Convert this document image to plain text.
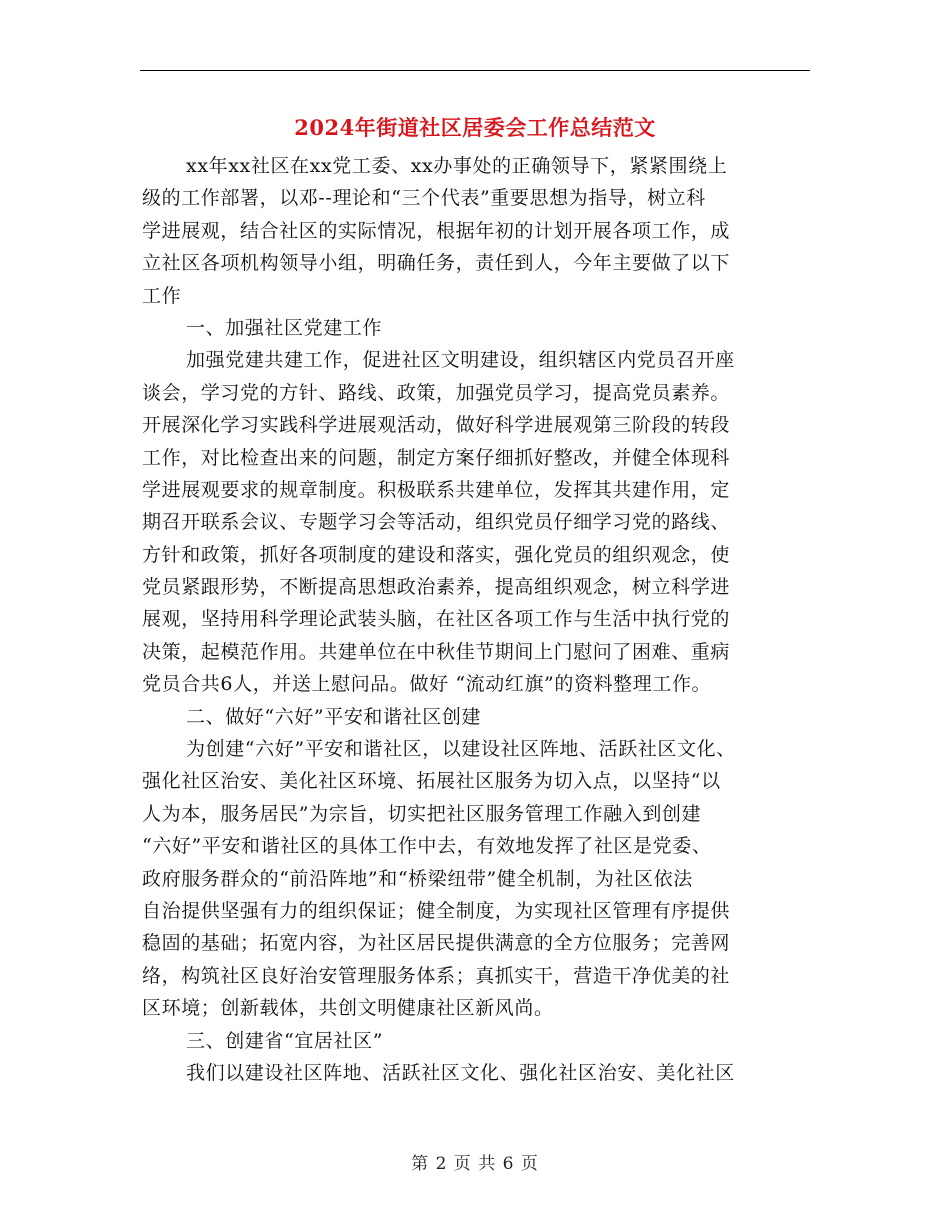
2024年街道社区居委会工作总结范文
xx年xx社区在xx党工委、xx办事处的正确领导下，紧紧围绕上
级的工作部署，以邓--理论和“三个代表”重要思想为指导，树立科
学进展观，结合社区的实际情况，根据年初的计划开展各项工作，成
立社区各项机构领导小组，明确任务，责任到人，今年主要做了以下
工作
一、加强社区党建工作
加强党建共建工作，促进社区文明建设，组织辖区内党员召开座
谈会，学习党的方针、路线、政策，加强党员学习，提高党员素养。
开展深化学习实践科学进展观活动，做好科学进展观第三阶段的转段
工作，对比检查出来的问题，制定方案仔细抓好整改，并健全体现科
学进展观要求的规章制度。积极联系共建单位，发挥其共建作用，定
期召开联系会议、专题学习会等活动，组织党员仔细学习党的路线、
方针和政策，抓好各项制度的建设和落实，强化党员的组织观念，使
党员紧跟形势，不断提高思想政治素养，提高组织观念，树立科学进
展观，坚持用科学理论武装头脑，在社区各项工作与生活中执行党的
决策，起模范作用。共建单位在中秋佳节期间上门慰问了困难、重病
党员合共6人，并送上慰问品。做好 “流动红旗”的资料整理工作。
二、做好“六好”平安和谐社区创建
为创建“六好”平安和谐社区，以建设社区阵地、活跃社区文化、
强化社区治安、美化社区环境、拓展社区服务为切入点，以坚持“以
人为本，服务居民”为宗旨，切实把社区服务管理工作融入到创建
“六好”平安和谐社区的具体工作中去，有效地发挥了社区是党委、
政府服务群众的“前沿阵地”和“桥梁纽带”健全机制，为社区依法
自治提供坚强有力的组织保证；健全制度，为实现社区管理有序提供
稳固的基础；拓宽内容，为社区居民提供满意的全方位服务；完善网
络，构筑社区良好治安管理服务体系；真抓实干，营造干净优美的社
区环境；创新载体，共创文明健康社区新风尚。
三、创建省“宜居社区”
我们以建设社区阵地、活跃社区文化、强化社区治安、美化社区
第 2 页 共 6 页
